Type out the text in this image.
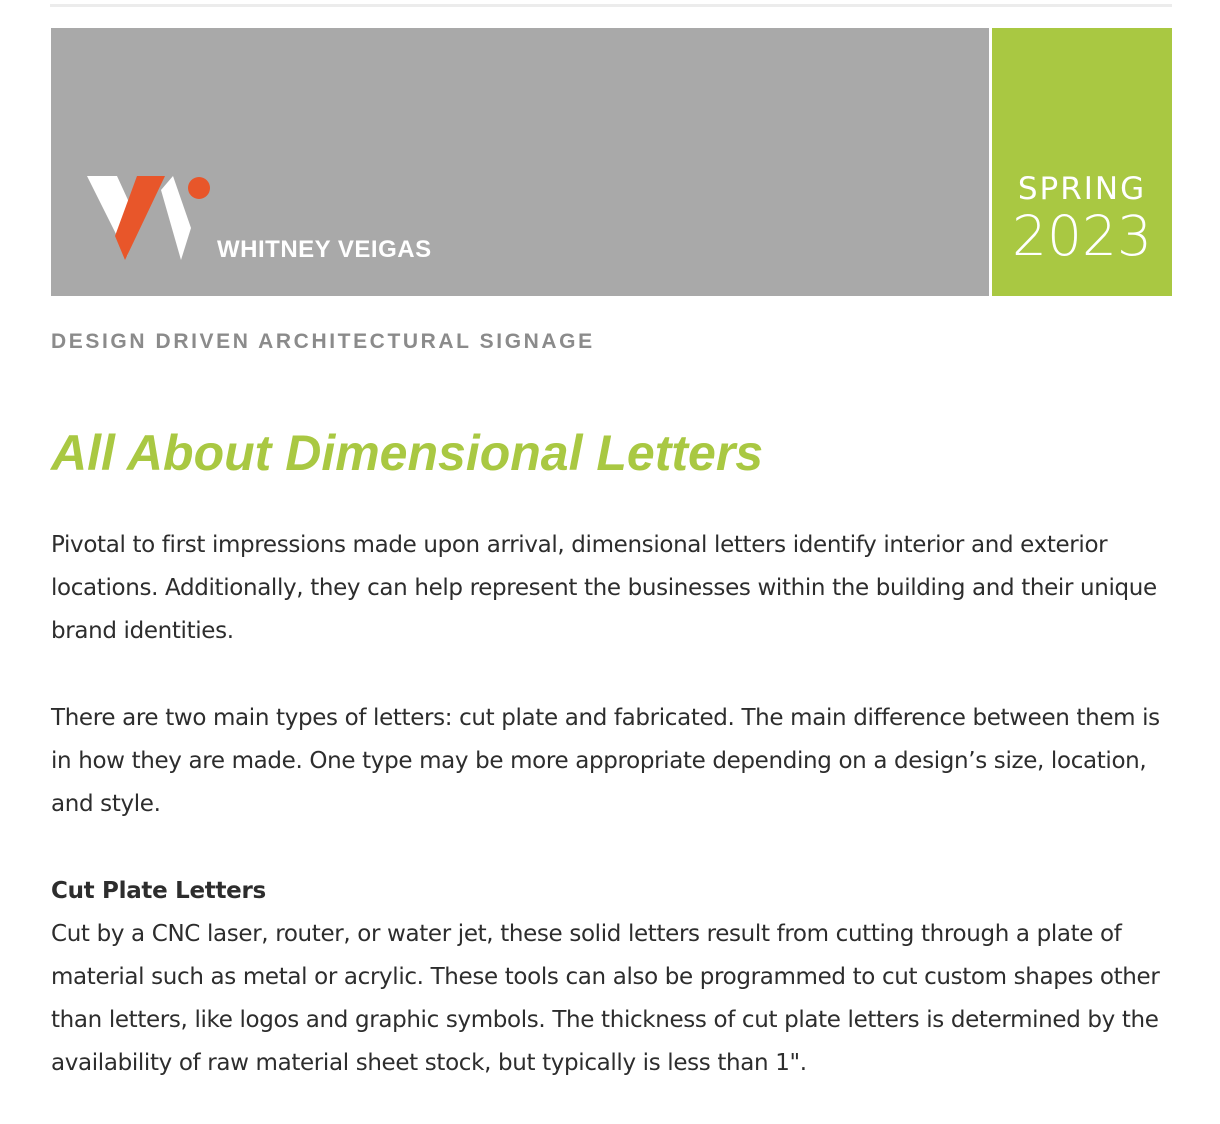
WHITNEY VEIGAS
SPRING
2023
DESIGN DRIVEN ARCHITECTURAL SIGNAGE
All About Dimensional Letters

Pivotal to first impressions made upon arrival, dimensional letters identify interior and exterior locations. Additionally, they can help represent the businesses within the building and their unique brand identities.

There are two main types of letters: cut plate and fabricated. The main difference between them is in how they are made. One type may be more appropriate depending on a design’s size, location, and style.

Cut Plate Letters

Cut by a CNC laser, router, or water jet, these solid letters result from cutting through a plate of material such as metal or acrylic. These tools can also be programmed to cut custom shapes other than letters, like logos and graphic symbols. The thickness of cut plate letters is determined by the availability of raw material sheet stock, but typically is less than 1".
